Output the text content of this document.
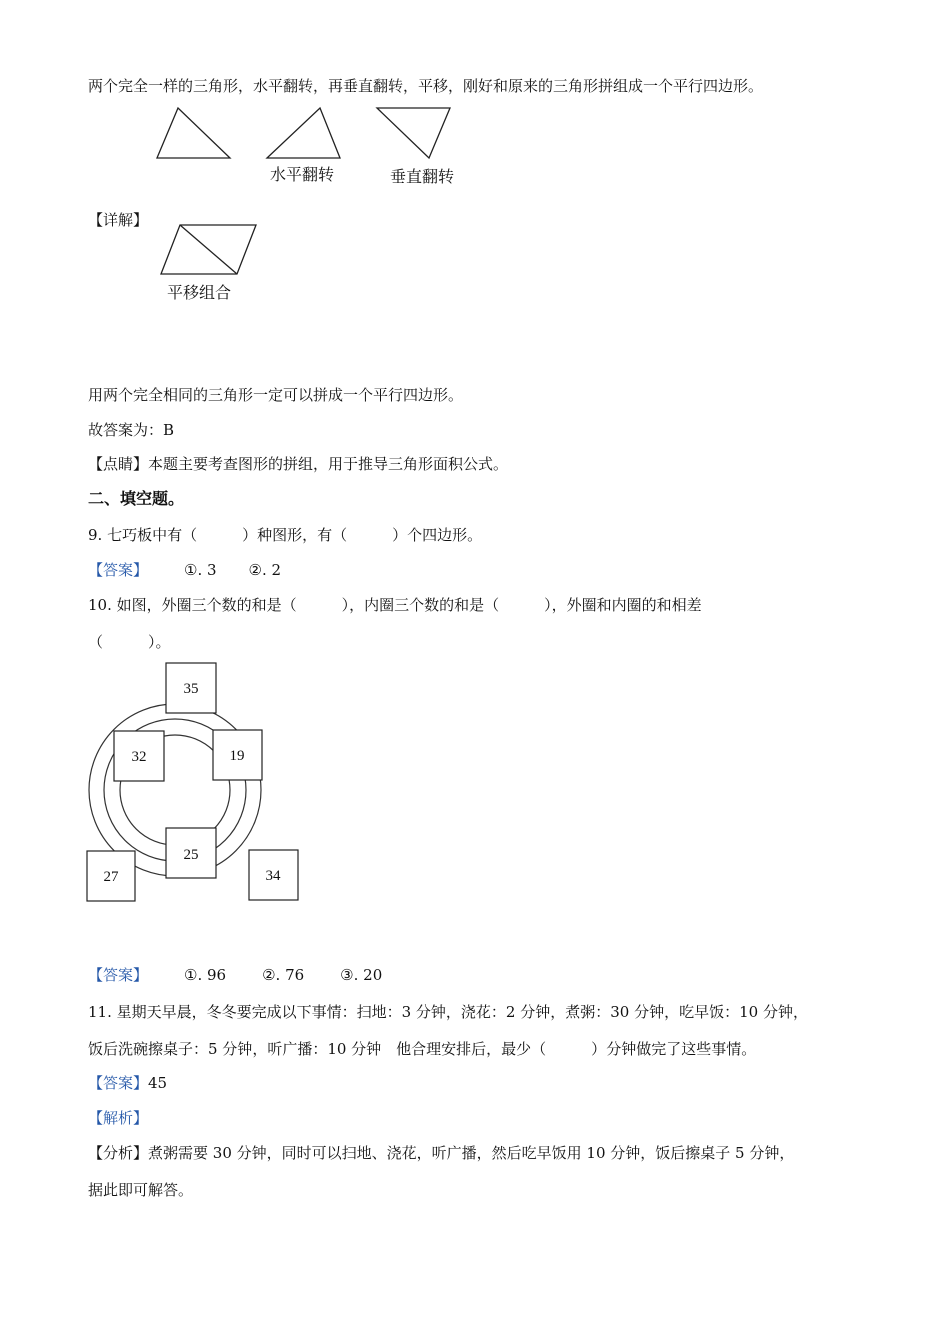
两个完全一样的三角形，水平翻转，再垂直翻转，平移，刚好和原来的三角形拼组成一个平行四边形。
水平翻转	垂直翻转
【详解】
平移组合
用两个完全相同的三角形一定可以拼成一个平行四边形。
故答案为：B
【点睛】本题主要考查图形的拼组，用于推导三角形面积公式。
二、填空题。
9. 七巧板中有（　　　）种图形，有（　　　）个四边形。
【答案】 ①. 3 ②. 2
10. 如图，外圈三个数的和是（　　　），内圈三个数的和是（　　　），外圈和内圈的和相差
（　　　）。
35
32	19
25
27	34
【答案】 ①. 96 ②. 76 ③. 20
11. 星期天早晨，冬冬要完成以下事情：扫地：3 分钟，浇花：2 分钟，煮粥：30 分钟，吃早饭：10 分钟，
饭后洗碗擦桌子：5 分钟，听广播：10 分钟　他合理安排后，最少（　　　）分钟做完了这些事情。
【答案】45
【解析】
【分析】煮粥需要 30 分钟，同时可以扫地、浇花，听广播，然后吃早饭用 10 分钟，饭后擦桌子 5 分钟，
据此即可解答。
